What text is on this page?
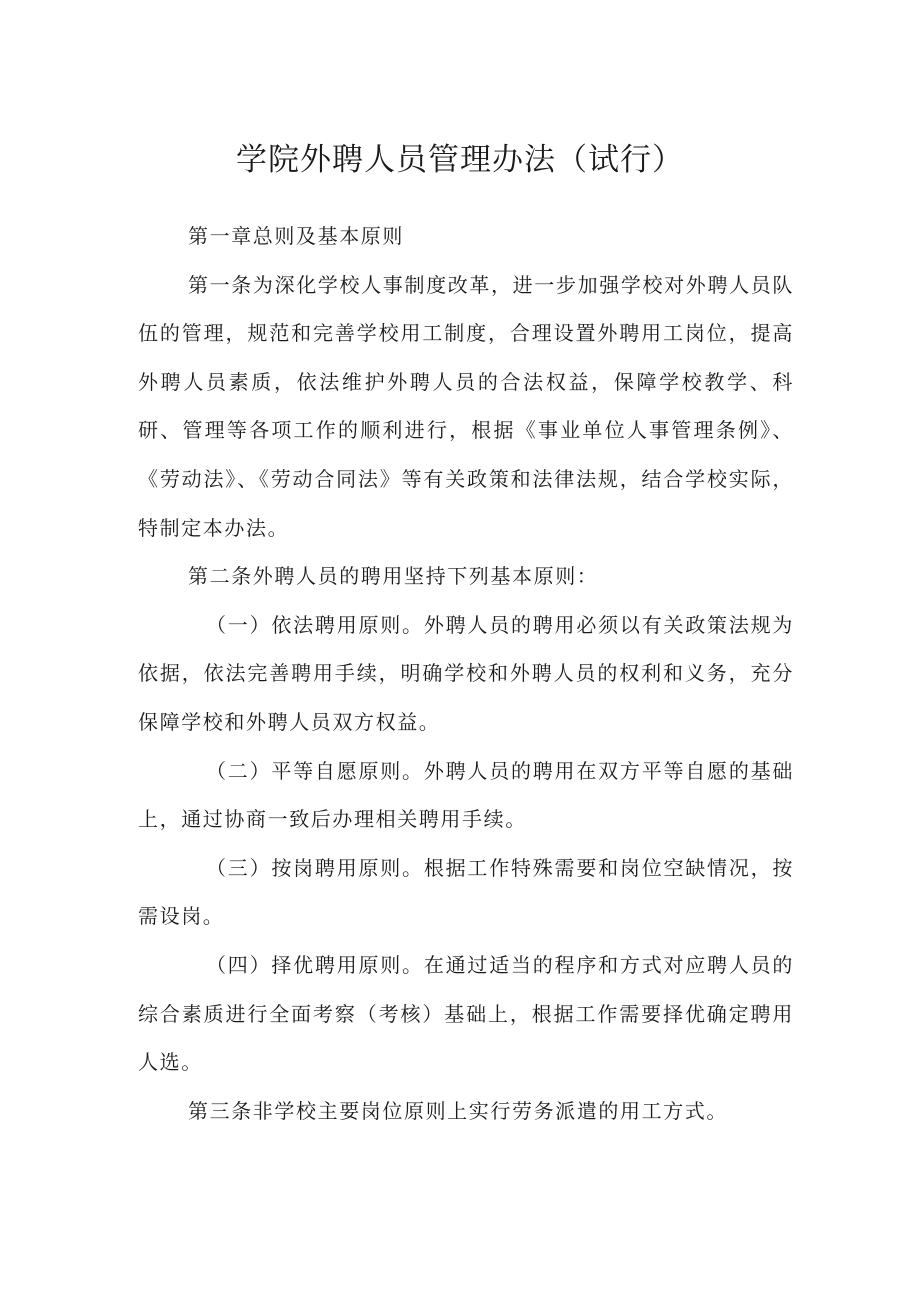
学院外聘人员管理办法（试行）

第一章总则及基本原则

第一条为深化学校人事制度改革，进一步加强学校对外聘人员队伍的管理，规范和完善学校用工制度，合理设置外聘用工岗位，提高外聘人员素质，依法维护外聘人员的合法权益，保障学校教学、科研、管理等各项工作的顺利进行，根据《事业单位人事管理条例》、《劳动法》、《劳动合同法》等有关政策和法律法规，结合学校实际，特制定本办法。

第二条外聘人员的聘用坚持下列基本原则：

（一）依法聘用原则。外聘人员的聘用必须以有关政策法规为依据，依法完善聘用手续，明确学校和外聘人员的权利和义务，充分保障学校和外聘人员双方权益。

（二）平等自愿原则。外聘人员的聘用在双方平等自愿的基础上，通过协商一致后办理相关聘用手续。

（三）按岗聘用原则。根据工作特殊需要和岗位空缺情况，按需设岗。

（四）择优聘用原则。在通过适当的程序和方式对应聘人员的综合素质进行全面考察（考核）基础上，根据工作需要择优确定聘用人选。

第三条非学校主要岗位原则上实行劳务派遣的用工方式。
